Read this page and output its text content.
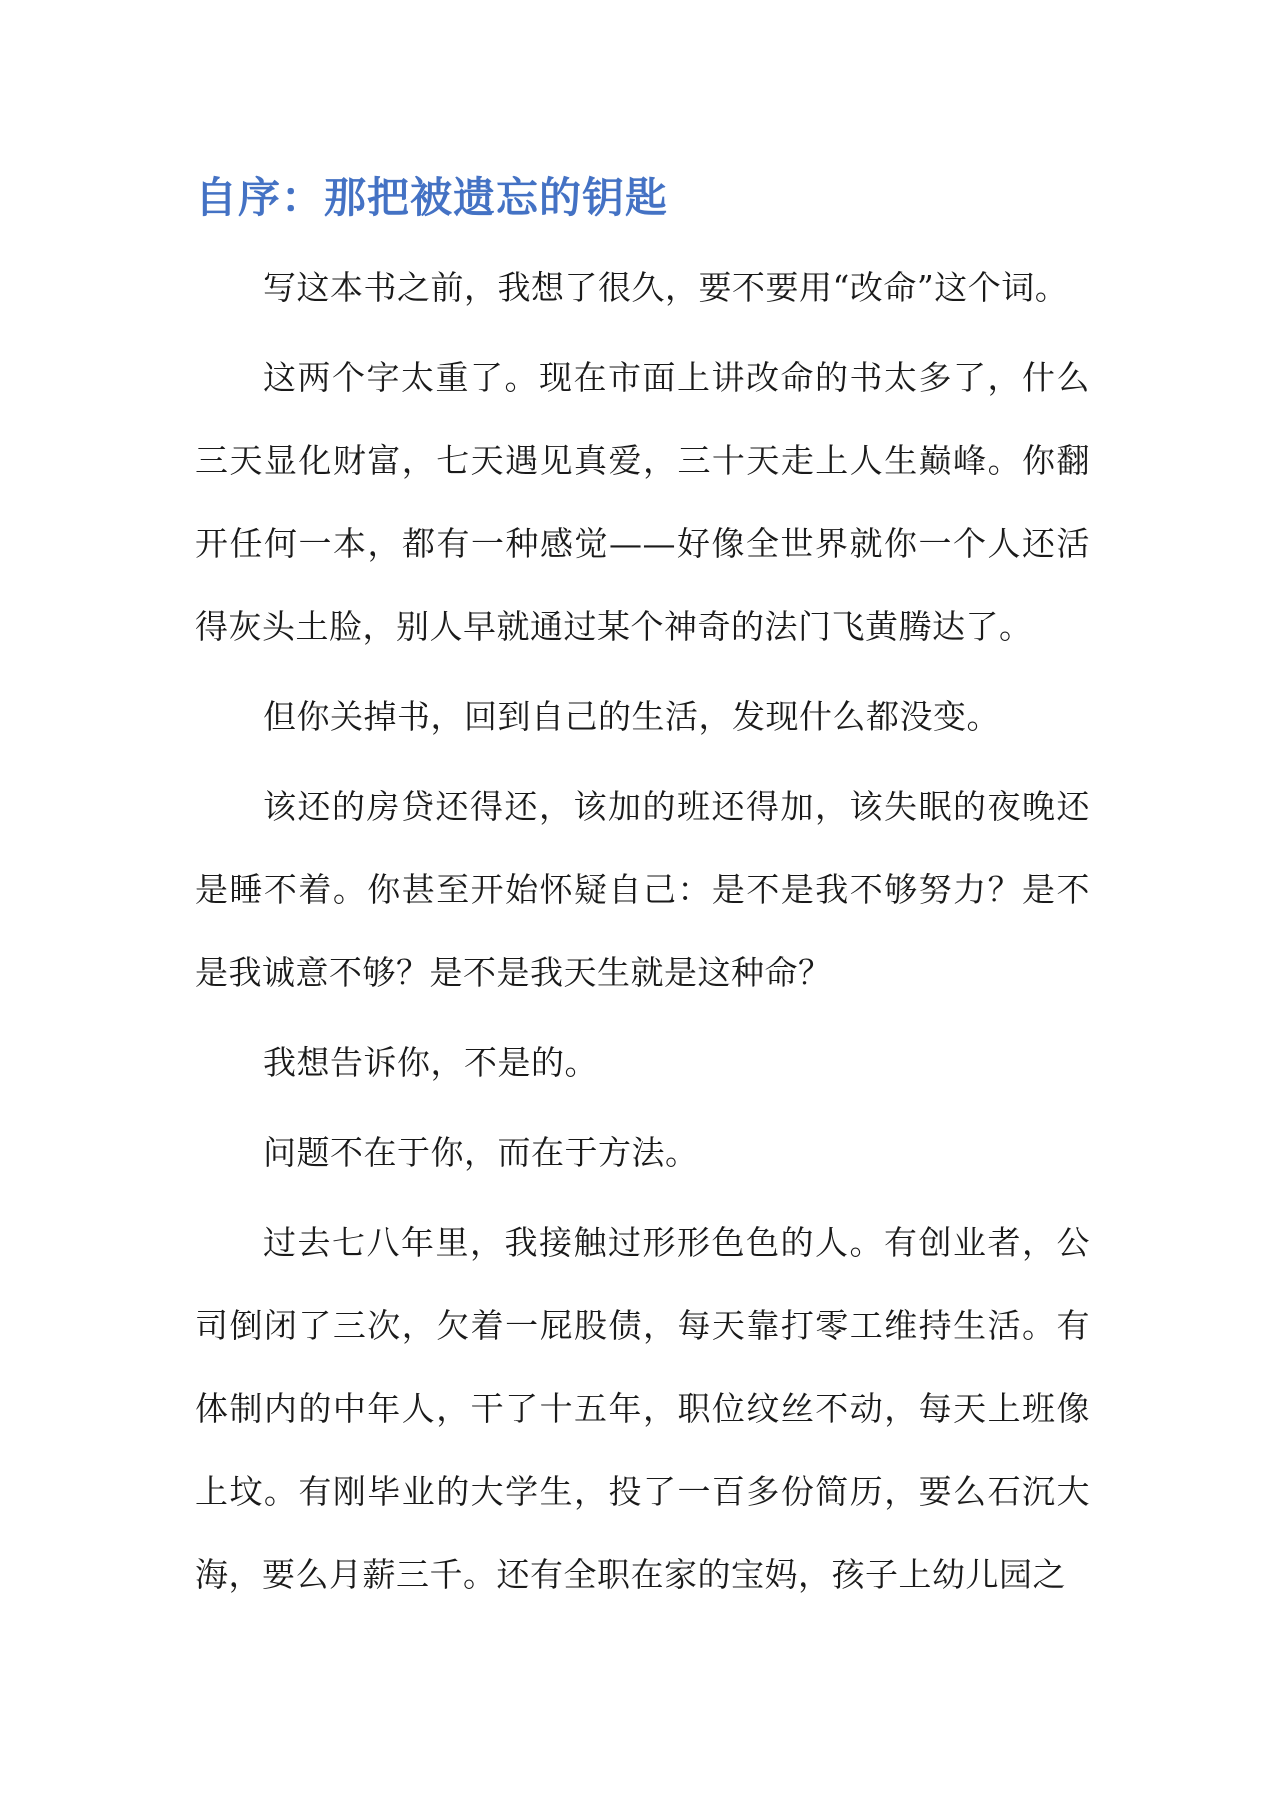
自序：那把被遗忘的钥匙

写这本书之前，我想了很久，要不要用“改命”这个词。

这两个字太重了。现在市面上讲改命的书太多了，什么三天显化财富，七天遇见真爱，三十天走上人生巅峰。你翻开任何一本，都有一种感觉——好像全世界就你一个人还活得灰头土脸，别人早就通过某个神奇的法门飞黄腾达了。

但你关掉书，回到自己的生活，发现什么都没变。

该还的房贷还得还，该加的班还得加，该失眠的夜晚还是睡不着。你甚至开始怀疑自己：是不是我不够努力？是不是我诚意不够？是不是我天生就是这种命？

我想告诉你，不是的。

问题不在于你，而在于方法。

过去七八年里，我接触过形形色色的人。有创业者，公司倒闭了三次，欠着一屁股债，每天靠打零工维持生活。有体制内的中年人，干了十五年，职位纹丝不动，每天上班像上坟。有刚毕业的大学生，投了一百多份简历，要么石沉大海，要么月薪三千。还有全职在家的宝妈，孩子上幼儿园之
